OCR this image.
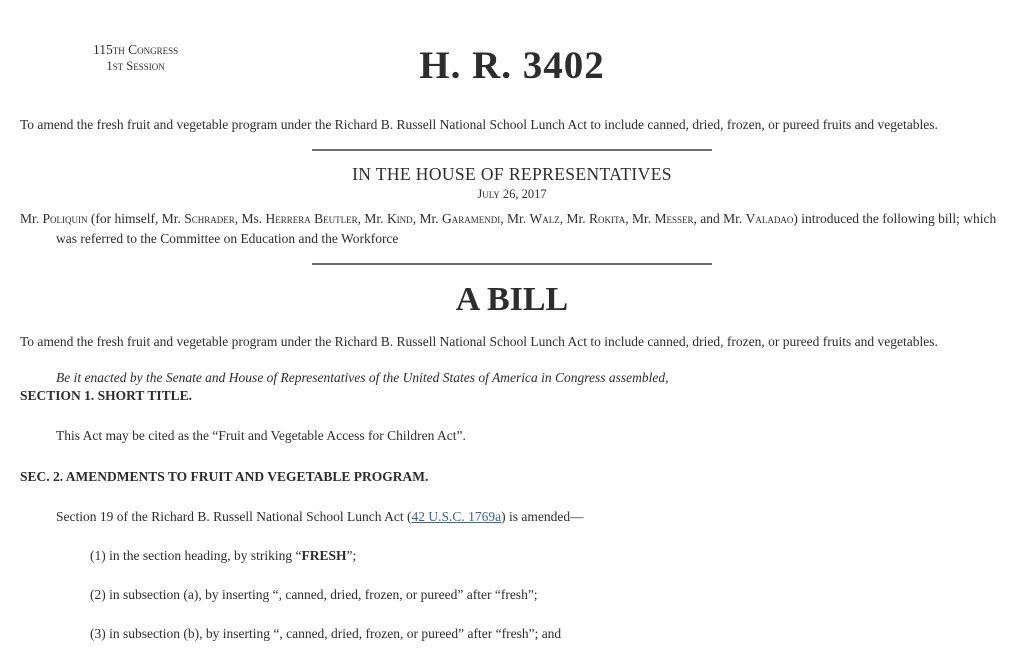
115th Congress
1st Session	H. R. 3402

To amend the fresh fruit and vegetable program under the Richard B. Russell National School Lunch Act to include canned, dried, frozen, or pureed fruits and vegetables.

IN THE HOUSE OF REPRESENTATIVES
July 26, 2017

Mr. Poliquin (for himself, Mr. Schrader, Ms. Herrera Beutler, Mr. Kind, Mr. Garamendi, Mr. Walz, Mr. Rokita, Mr. Messer, and Mr. Valadao) introduced the following bill; which was referred to the Committee on Education and the Workforce

A BILL

To amend the fresh fruit and vegetable program under the Richard B. Russell National School Lunch Act to include canned, dried, frozen, or pureed fruits and vegetables.

Be it enacted by the Senate and House of Representatives of the United States of America in Congress assembled,

SECTION 1. SHORT TITLE.

This Act may be cited as the “Fruit and Vegetable Access for Children Act”.

SEC. 2. AMENDMENTS TO FRUIT AND VEGETABLE PROGRAM.

Section 19 of the Richard B. Russell National School Lunch Act (42 U.S.C. 1769a) is amended—

(1) in the section heading, by striking “FRESH”;

(2) in subsection (a), by inserting “, canned, dried, frozen, or pureed” after “fresh”;

(3) in subsection (b), by inserting “, canned, dried, frozen, or pureed” after “fresh”; and
